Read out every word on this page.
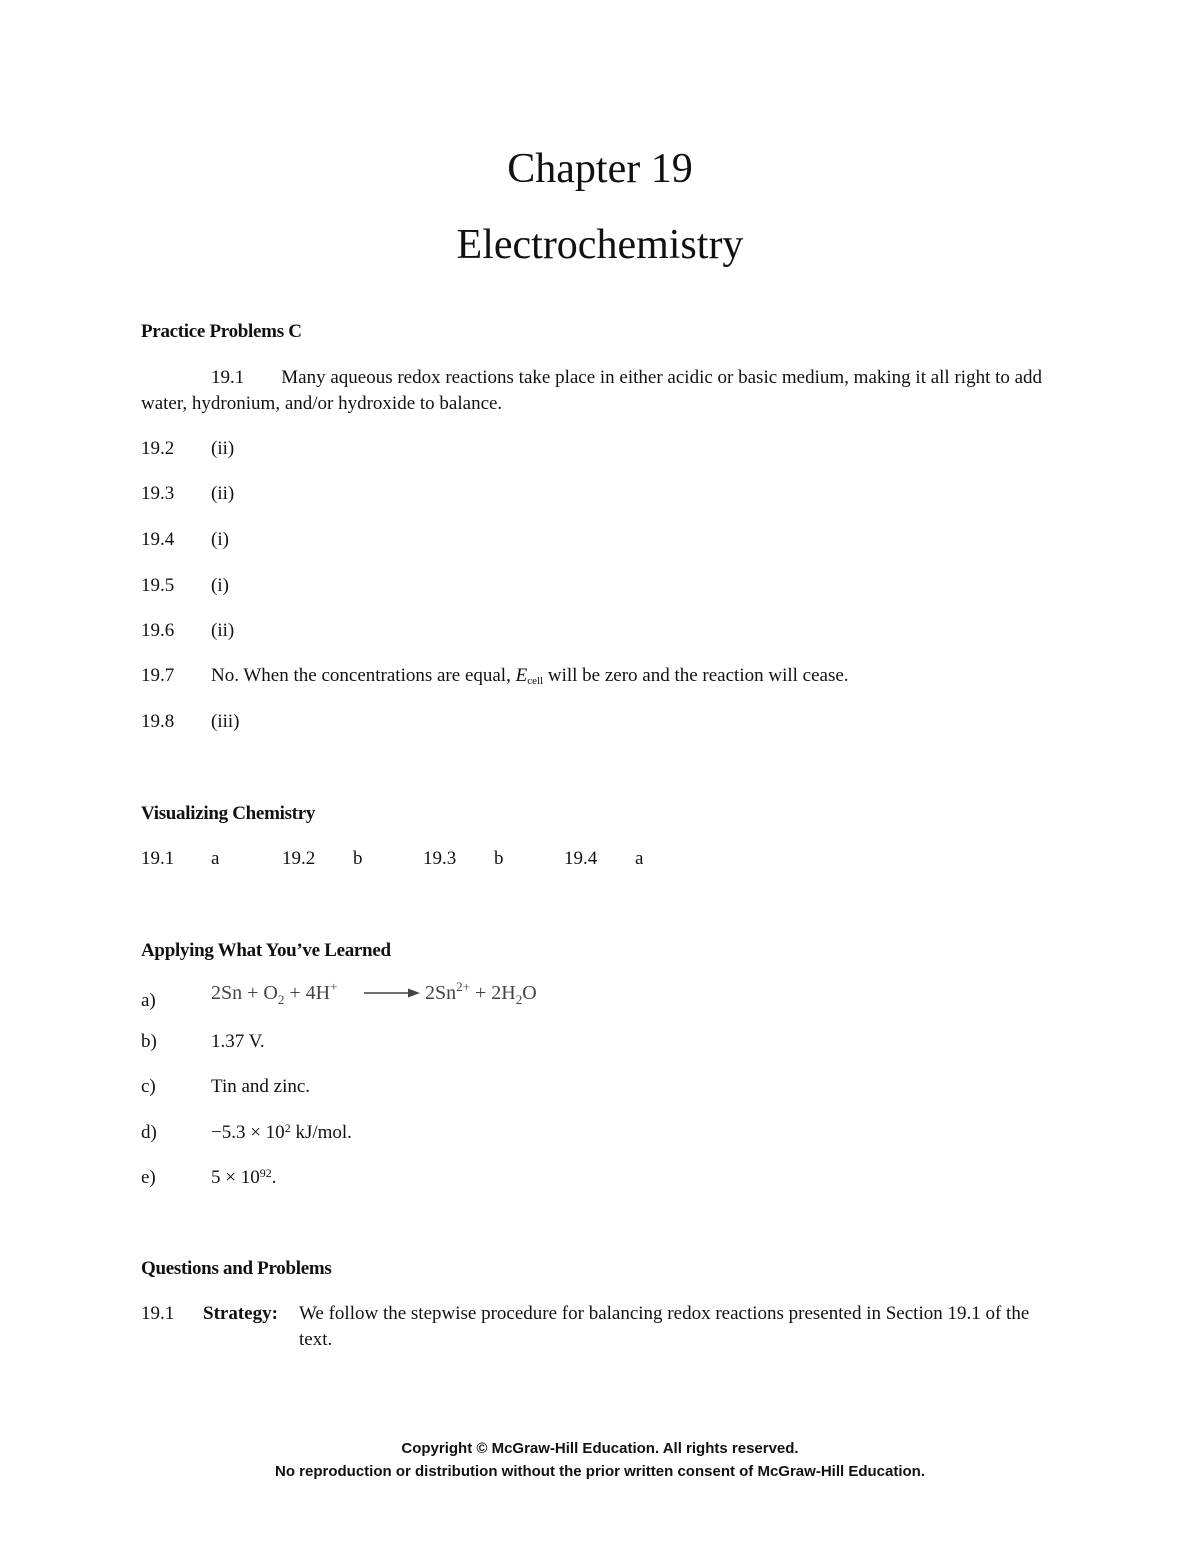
Chapter 19
Electrochemistry
Practice Problems C
19.1 Many aqueous redox reactions take place in either acidic or basic medium, making it all right to add water, hydronium, and/or hydroxide to balance.
19.2 (ii)
19.3 (ii)
19.4 (i)
19.5 (i)
19.6 (ii)
19.7 No. When the concentrations are equal, $E_{cell}$ will be zero and the reaction will cease.
19.8 (iii)
Visualizing Chemistry
19.1 a	19.2 b	19.3 b	19.4 a
Applying What You’ve Learned
a)	$2Sn + O_2 + 4H^+$	$2Sn^{2+} + 2H_2O$
b)	1.37 V.
c)	Tin and zinc.
d)	$-5.3 \times 10^2$ kJ/mol.
e)	$5 \times 10^{92}$.
Questions and Problems
19.1 Strategy: We follow the stepwise procedure for balancing redox reactions presented in Section 19.1 of the text.
Copyright © McGraw-Hill Education. All rights reserved.
No reproduction or distribution without the prior written consent of McGraw-Hill Education.
